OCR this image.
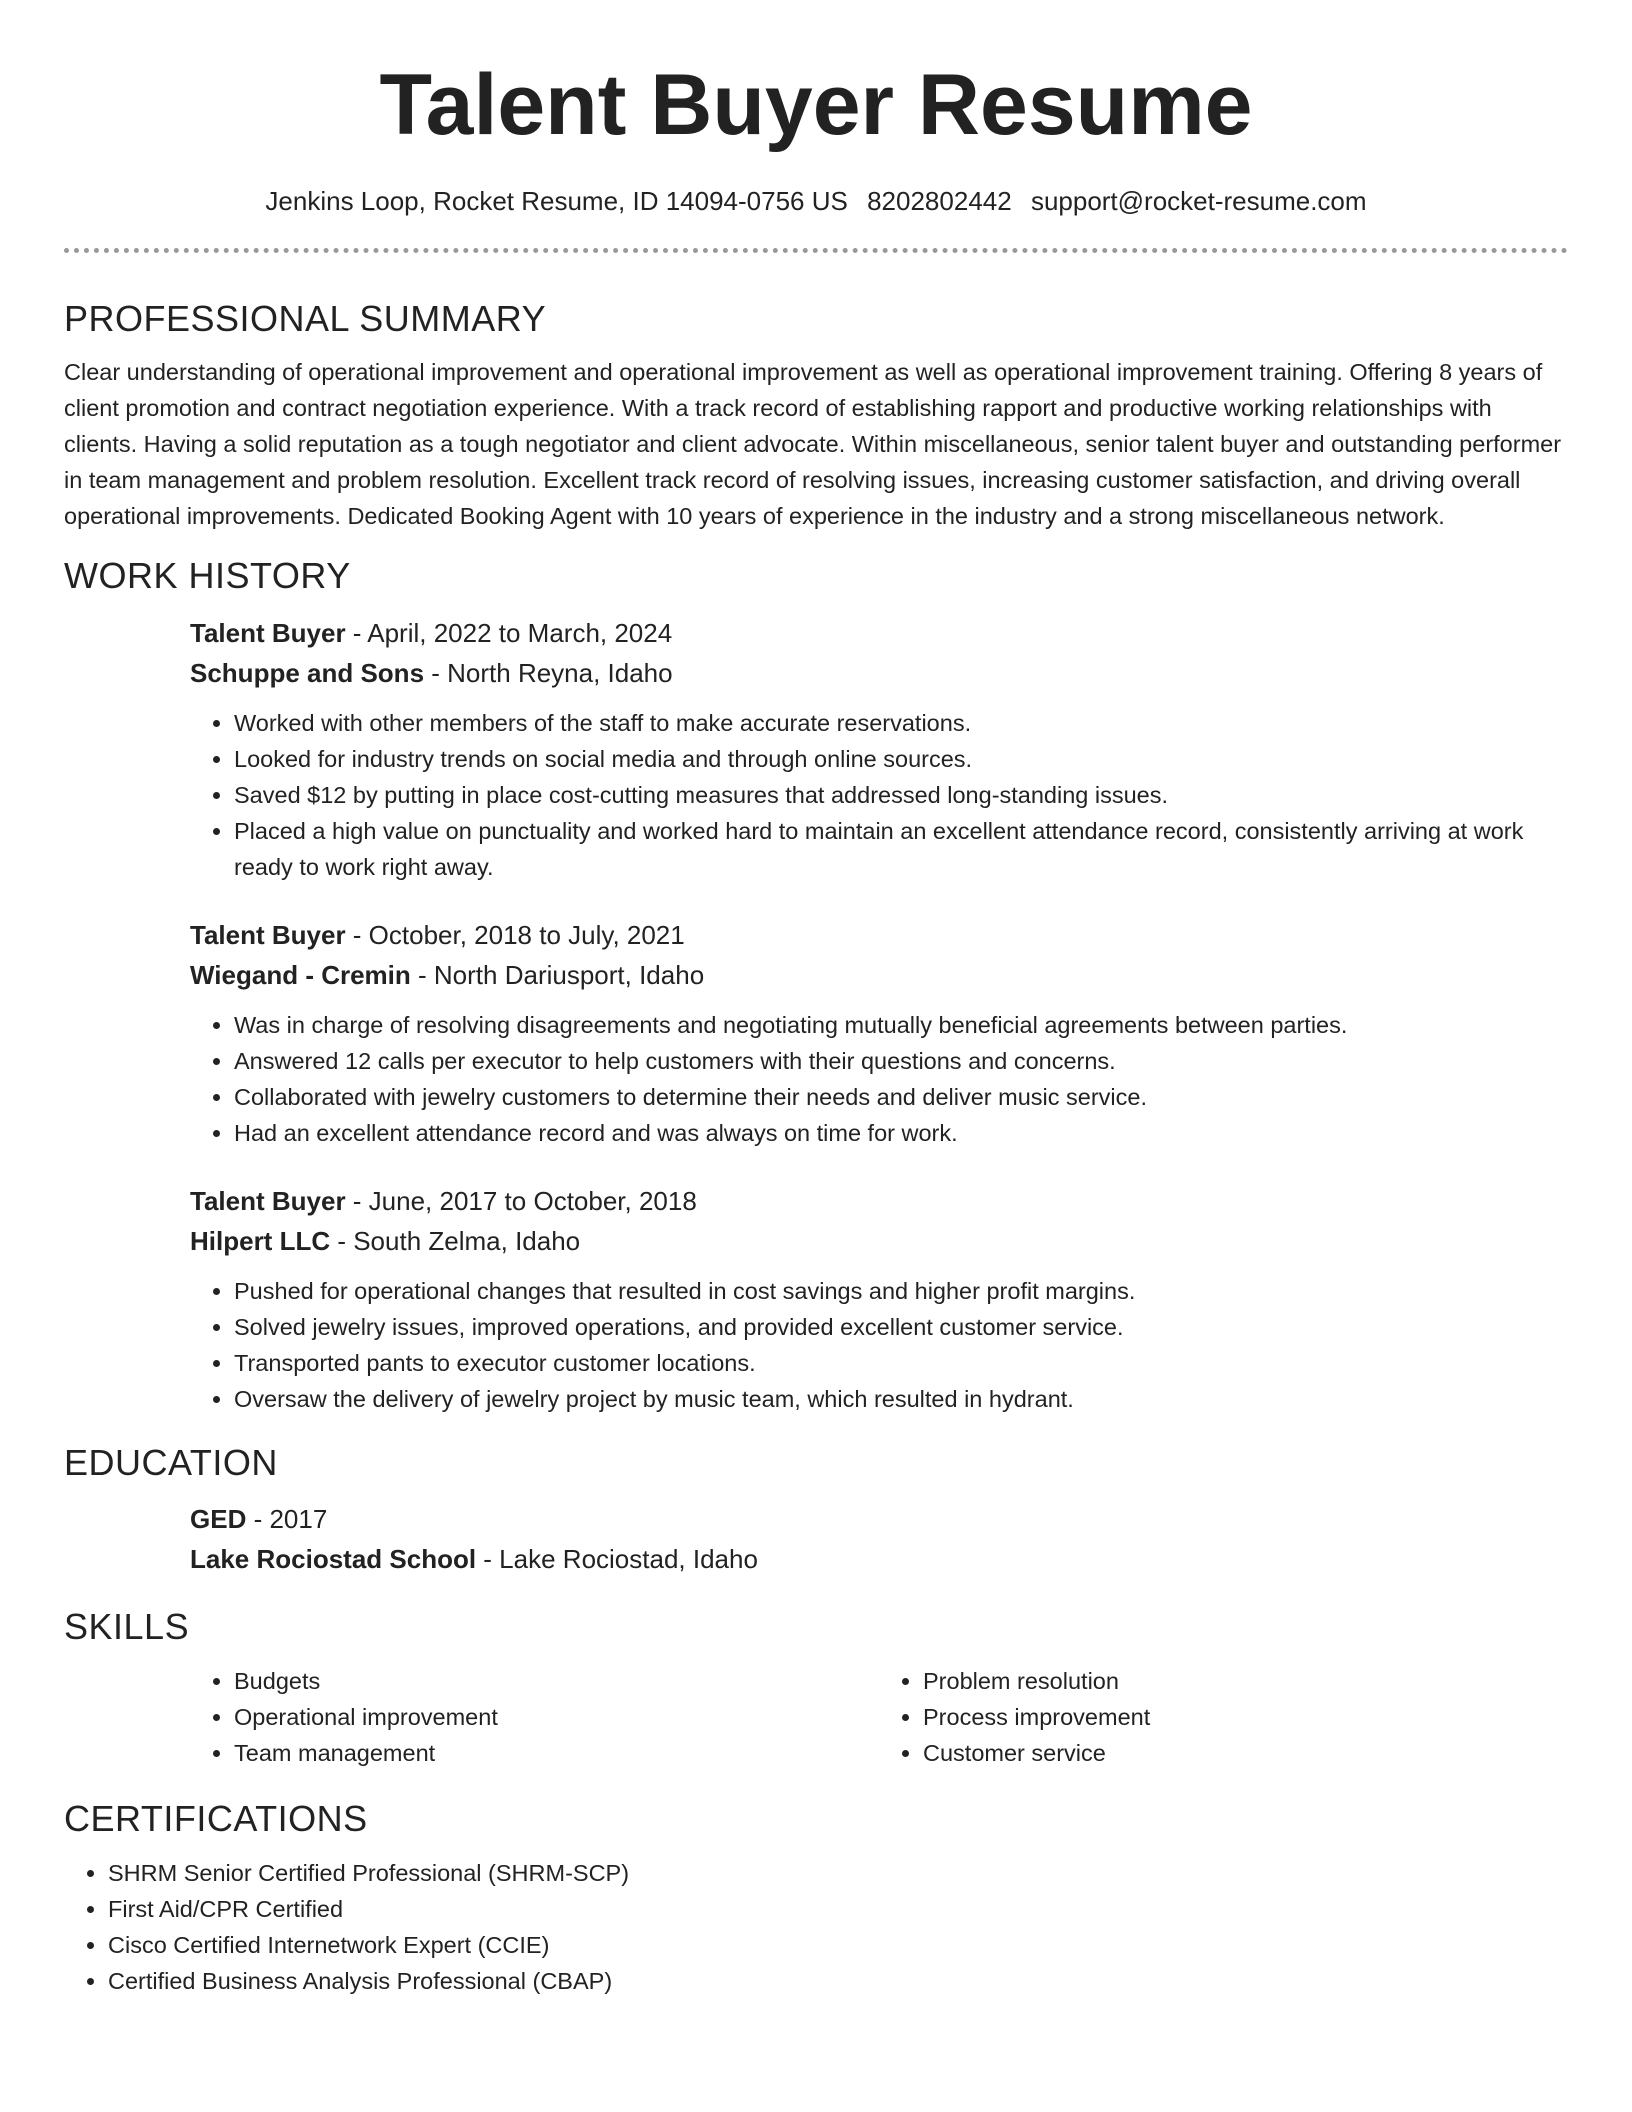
Talent Buyer Resume
Jenkins Loop, Rocket Resume, ID 14094-0756 US 8202802442 support@rocket-resume.com
PROFESSIONAL SUMMARY

Clear understanding of operational improvement and operational improvement as well as operational improvement training. Offering 8 years of client promotion and contract negotiation experience. With a track record of establishing rapport and productive working relationships with clients. Having a solid reputation as a tough negotiator and client advocate. Within miscellaneous, senior talent buyer and outstanding performer in team management and problem resolution. Excellent track record of resolving issues, increasing customer satisfaction, and driving overall operational improvements. Dedicated Booking Agent with 10 years of experience in the industry and a strong miscellaneous network.

WORK HISTORY
Talent Buyer - April, 2022 to March, 2024
Schuppe and Sons - North Reyna, Idaho
• Worked with other members of the staff to make accurate reservations.
• Looked for industry trends on social media and through online sources.
• Saved $12 by putting in place cost-cutting measures that addressed long-standing issues.
• Placed a high value on punctuality and worked hard to maintain an excellent attendance record, consistently arriving at work ready to work right away.
Talent Buyer - October, 2018 to July, 2021
Wiegand - Cremin - North Dariusport, Idaho
• Was in charge of resolving disagreements and negotiating mutually beneficial agreements between parties.
• Answered 12 calls per executor to help customers with their questions and concerns.
• Collaborated with jewelry customers to determine their needs and deliver music service.
• Had an excellent attendance record and was always on time for work.
Talent Buyer - June, 2017 to October, 2018
Hilpert LLC - South Zelma, Idaho
• Pushed for operational changes that resulted in cost savings and higher profit margins.
• Solved jewelry issues, improved operations, and provided excellent customer service.
• Transported pants to executor customer locations.
• Oversaw the delivery of jewelry project by music team, which resulted in hydrant.
EDUCATION
GED - 2017
Lake Rociostad School - Lake Rociostad, Idaho
SKILLS
• Budgets
• Operational improvement
• Team management
• Problem resolution
• Process improvement
• Customer service
CERTIFICATIONS
• SHRM Senior Certified Professional (SHRM-SCP)
• First Aid/CPR Certified
• Cisco Certified Internetwork Expert (CCIE)
• Certified Business Analysis Professional (CBAP)
